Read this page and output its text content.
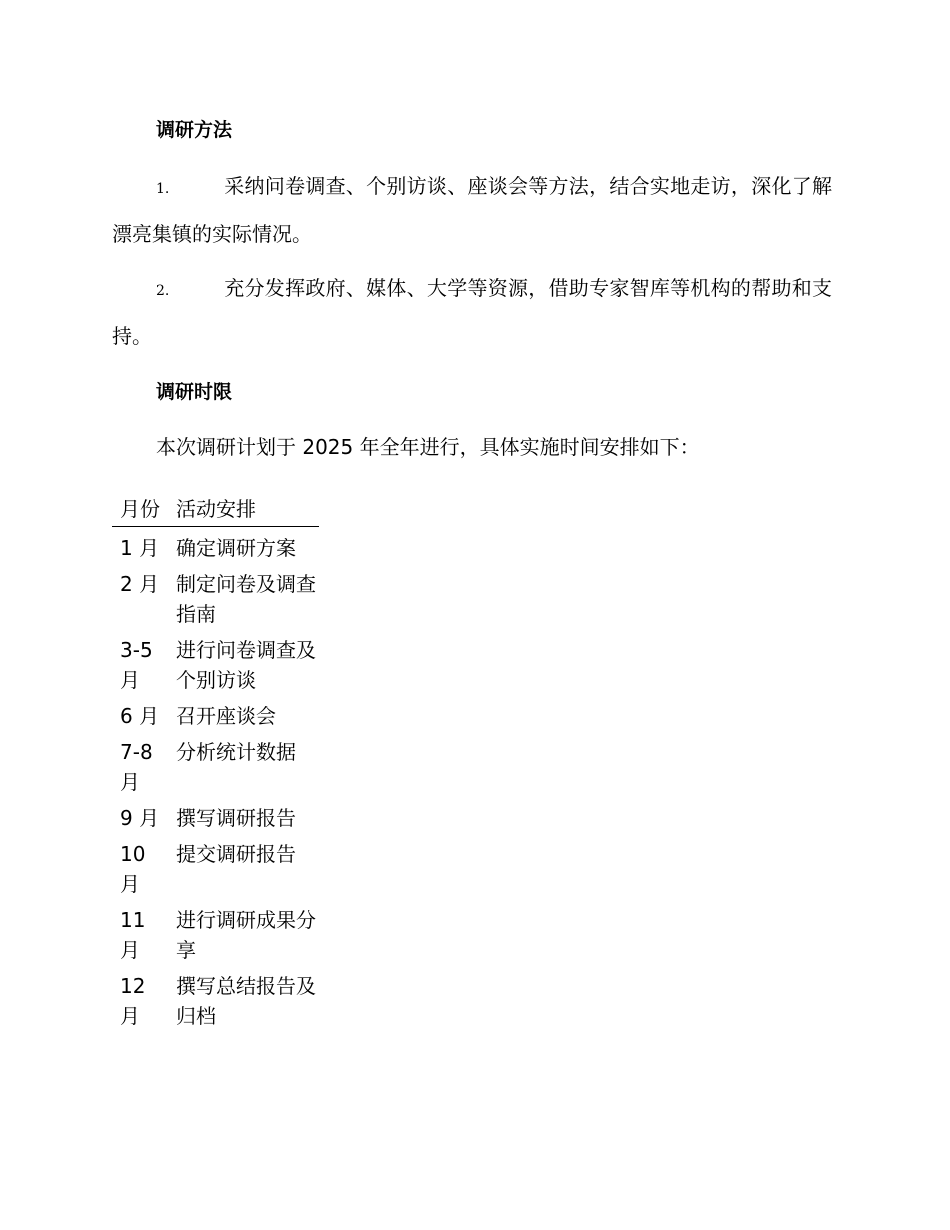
调研方法

1.	采纳问卷调查、个别访谈、座谈会等方法，结合实地走访，深化了解漂亮集镇的实际情况。

2.	充分发挥政府、媒体、大学等资源，借助专家智库等机构的帮助和支持。

调研时限

本次调研计划于 2025 年全年进行，具体实施时间安排如下：

月份	活动安排
1 月	确定调研方案
2 月	制定问卷及调查指南
3-5 月	进行问卷调查及个别访谈
6 月	召开座谈会
7-8 月	分析统计数据
9 月	撰写调研报告
10 月	提交调研报告
11 月	进行调研成果分享
12 月	撰写总结报告及归档
